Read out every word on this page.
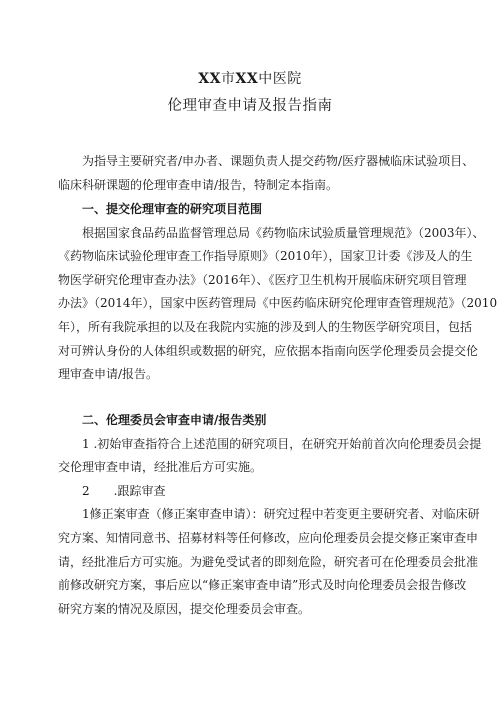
XX市XX中医院
伦理审查申请及报告指南
为指导主要研究者/申办者、课题负责人提交药物/医疗器械临床试验项目、
临床科研课题的伦理审查申请/报告，特制定本指南。
一、提交伦理审查的研究项目范围
根据国家食品药品监督管理总局《药物临床试验质量管理规范》（2003年）、
《药物临床试验伦理审查工作指导原则》（2010年），国家卫计委《涉及人的生
物医学研究伦理审查办法》（2016年）、《医疗卫生机构开展临床研究项目管理
办法》（2014年），国家中医药管理局《中医药临床研究伦理审查管理规范》（2010
年），所有我院承担的以及在我院内实施的涉及到人的生物医学研究项目，包括
对可辨认身份的人体组织或数据的研究，应依据本指南向医学伦理委员会提交伦
理审查申请/报告。
二、伦理委员会审查申请/报告类别
1 .初始审查指符合上述范围的研究项目，在研究开始前首次向伦理委员会提
交伦理审查申请，经批准后方可实施。
2　　.跟踪审查
1修正案审查（修正案审查申请）：研究过程中若变更主要研究者、对临床研
究方案、知情同意书、招募材料等任何修改，应向伦理委员会提交修正案审查申
请，经批准后方可实施。为避免受试者的即刻危险，研究者可在伦理委员会批准
前修改研究方案，事后应以“修正案审查申请”形式及时向伦理委员会报告修改
研究方案的情况及原因，提交伦理委员会审查。
